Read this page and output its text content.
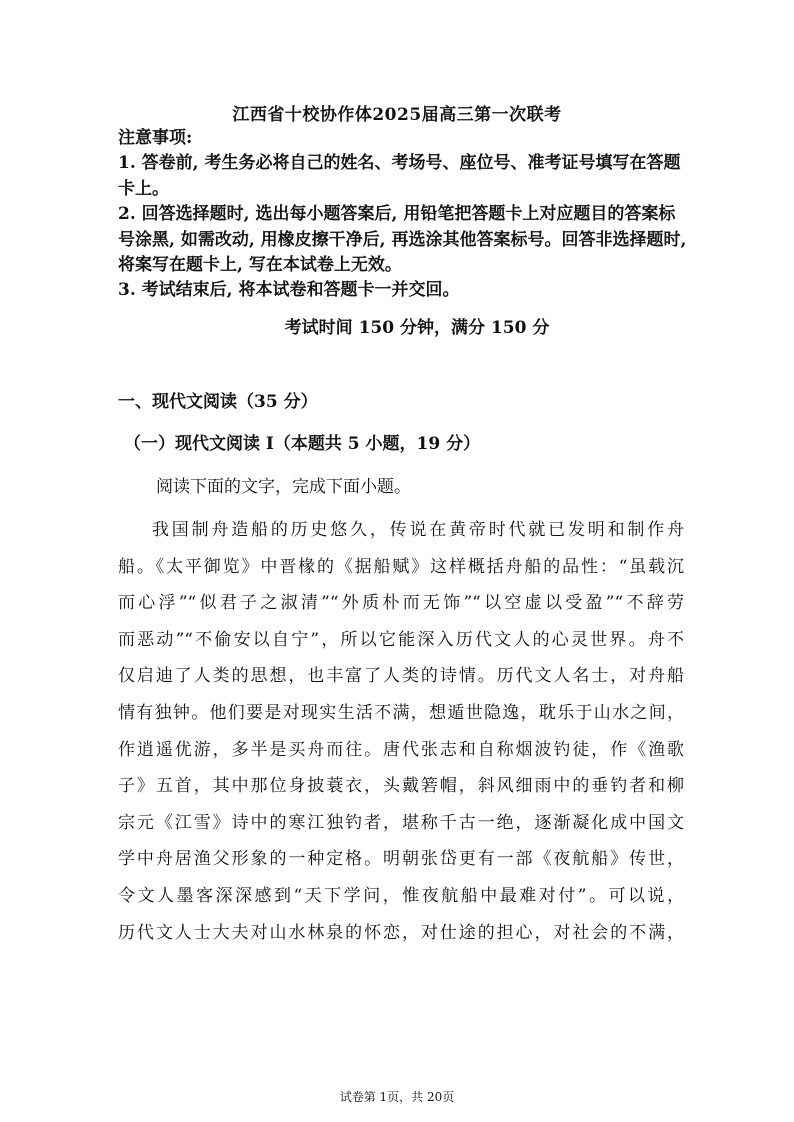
江西省十校协作体2025届高三第一次联考

注意事项:

1. 答卷前, 考生务必将自己的姓名、考场号、座位号、准考证号填写在答题卡上。

2. 回答选择题时, 选出每小题答案后, 用铅笔把答题卡上对应题目的答案标号涂黑, 如需改动, 用橡皮擦干净后, 再选涂其他答案标号。回答非选择题时, 将案写在题卡上, 写在本试卷上无效。

3. 考试结束后, 将本试卷和答题卡一并交回。

考试时间 150 分钟，满分 150 分
一、现代文阅读（35 分）
（一）现代文阅读 I（本题共 5 小题，19 分）
阅读下面的文字，完成下面小题。
我国制舟造船的历史悠久，传说在黄帝时代就已发明和制作舟
船。《太平御览》中晋椽的《据船赋》这样概括舟船的品性：“虽载沉
而心浮”“似君子之淑清”“外质朴而无饰”“以空虚以受盈”“不辞劳
而恶动”“不偷安以自宁”，所以它能深入历代文人的心灵世界。舟不
仅启迪了人类的思想，也丰富了人类的诗情。历代文人名士，对舟船
情有独钟。他们要是对现实生活不满，想遁世隐逸，耽乐于山水之间，
作逍遥优游，多半是买舟而往。唐代张志和自称烟波钓徒，作《渔歌
子》五首，其中那位身披蓑衣，头戴箬帽，斜风细雨中的垂钓者和柳
宗元《江雪》诗中的寒江独钓者，堪称千古一绝，逐渐凝化成中国文
学中舟居渔父形象的一种定格。明朝张岱更有一部《夜航船》传世，
令文人墨客深深感到“天下学问，惟夜航船中最难对付”。可以说，
历代文人士大夫对山水林泉的怀恋，对仕途的担心，对社会的不满，
试卷第 1页，共 20页
